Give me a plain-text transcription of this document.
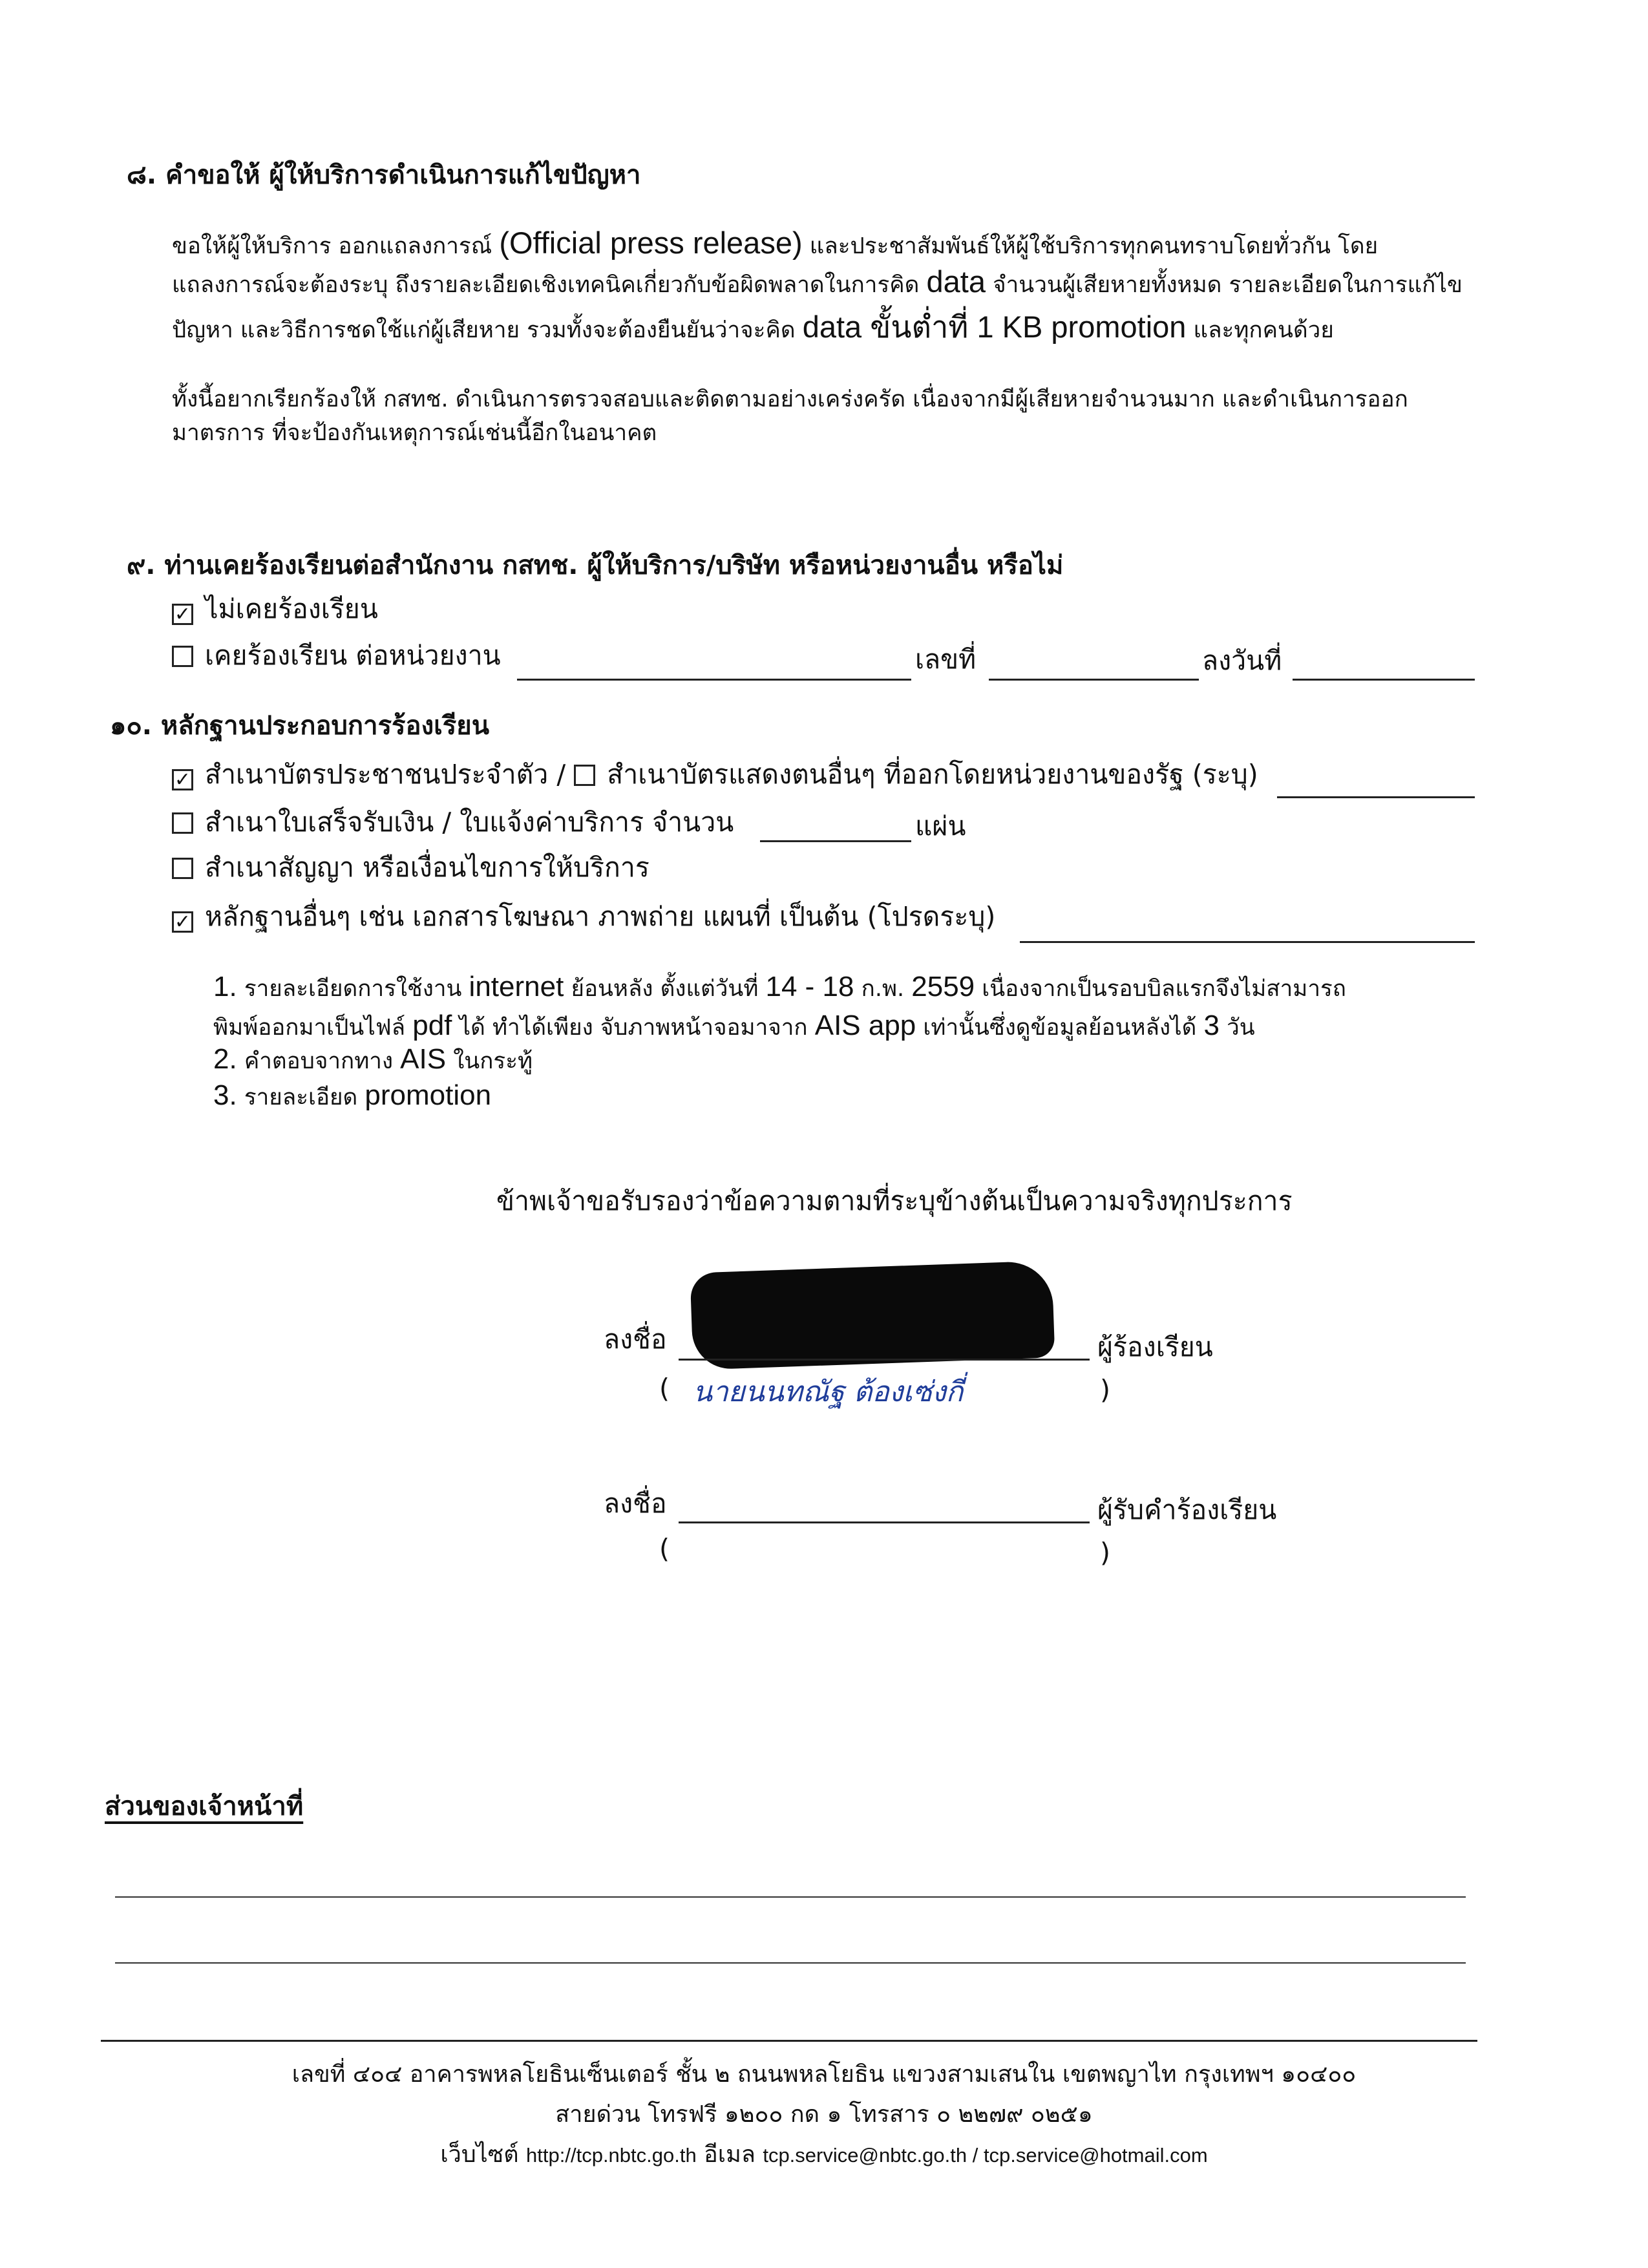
๘. คำขอให้ ผู้ให้บริการดำเนินการแก้ไขปัญหา
ขอให้ผู้ให้บริการ ออกแถลงการณ์ (Official press release) และประชาสัมพันธ์ให้ผู้ใช้บริการทุกคนทราบโดยทั่วกัน โดย
แถลงการณ์จะต้องระบุ ถึงรายละเอียดเชิงเทคนิคเกี่ยวกับข้อผิดพลาดในการคิด data จำนวนผู้เสียหายทั้งหมด รายละเอียดในการแก้ไข
ปัญหา และวิธีการชดใช้แก่ผู้เสียหาย รวมทั้งจะต้องยืนยันว่าจะคิด data ขั้นต่ำที่ 1 KB promotion และทุกคนด้วย
ทั้งนี้อยากเรียกร้องให้ กสทช. ดำเนินการตรวจสอบและติดตามอย่างเคร่งครัด เนื่องจากมีผู้เสียหายจำนวนมาก และดำเนินการออก
มาตรการ ที่จะป้องกันเหตุการณ์เช่นนี้อีกในอนาคต
๙. ท่านเคยร้องเรียนต่อสำนักงาน กสทช. ผู้ให้บริการ/บริษัท หรือหน่วยงานอื่น หรือไม่
✓ ไม่เคยร้องเรียน
เคยร้องเรียน ต่อหน่วยงาน	เลขที่	ลงวันที่
๑๐. หลักฐานประกอบการร้องเรียน
✓ สำเนาบัตรประชาชนประจำตัว / สำเนาบัตรแสดงตนอื่นๆ ที่ออกโดยหน่วยงานของรัฐ (ระบุ)
สำเนาใบเสร็จรับเงิน / ใบแจ้งค่าบริการ จำนวน	แผ่น
สำเนาสัญญา หรือเงื่อนไขการให้บริการ
✓ หลักฐานอื่นๆ เช่น เอกสารโฆษณา ภาพถ่าย แผนที่ เป็นต้น (โปรดระบุ)
1. รายละเอียดการใช้งาน internet ย้อนหลัง ตั้งแต่วันที่ 14 - 18 ก.พ. 2559 เนื่องจากเป็นรอบบิลแรกจึงไม่สามารถ
พิมพ์ออกมาเป็นไฟล์ pdf ได้ ทำได้เพียง จับภาพหน้าจอมาจาก AIS app เท่านั้นซึ่งดูข้อมูลย้อนหลังได้ 3 วัน
2. คำตอบจากทาง AIS ในกระทู้
3. รายละเอียด promotion
ข้าพเจ้าขอรับรองว่าข้อความตามที่ระบุข้างต้นเป็นความจริงทุกประการ
ลงชื่อ	ผู้ร้องเรียน
( นายนนทณัฐ ต้องเซ่งกี่	)
ลงชื่อ	ผู้รับคำร้องเรียน
(	)
ส่วนของเจ้าหน้าที่
เลขที่ ๔๐๔ อาคารพหลโยธินเซ็นเตอร์ ชั้น ๒ ถนนพหลโยธิน แขวงสามเสนใน เขตพญาไท กรุงเทพฯ ๑๐๔๐๐
สายด่วน โทรฟรี ๑๒๐๐ กด ๑ โทรสาร ๐ ๒๒๗๙ ๐๒๕๑
เว็บไซต์ http://tcp.nbtc.go.th อีเมล tcp.service@nbtc.go.th / tcp.service@hotmail.com
